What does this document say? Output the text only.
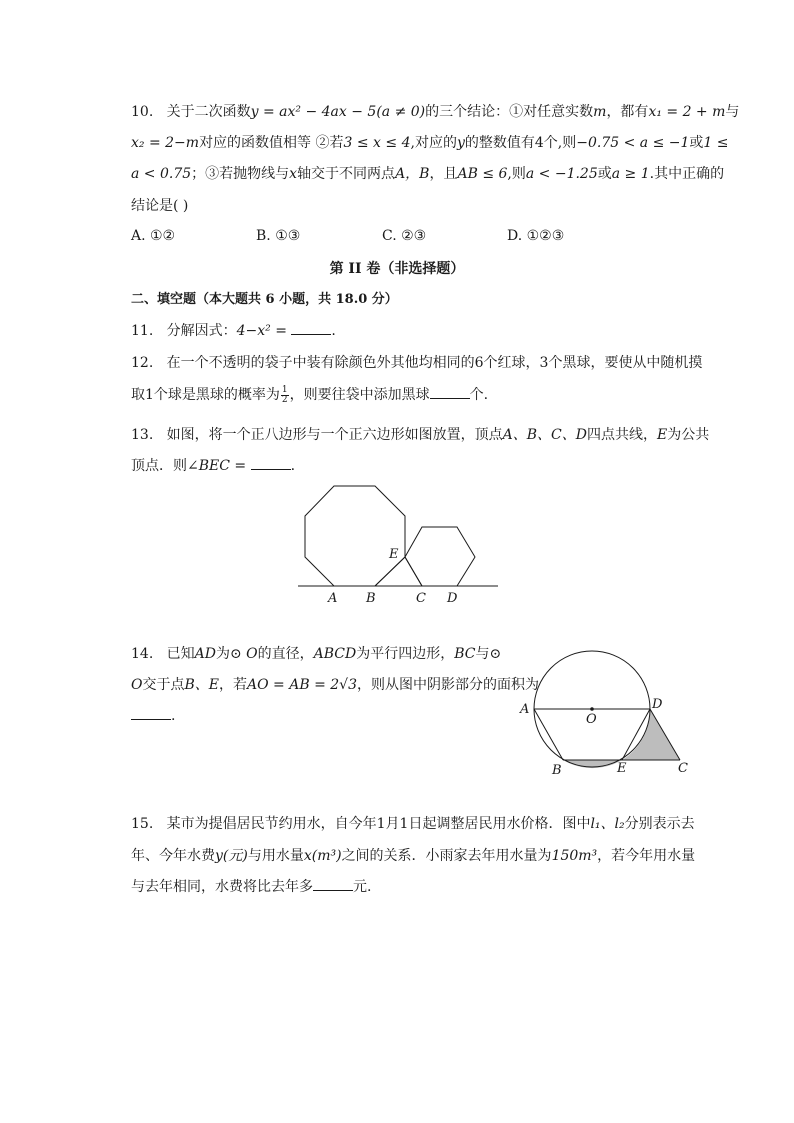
10. 关于二次函数y = ax² − 4ax − 5(a ≠ 0)的三个结论：①对任意实数m，都有x₁ = 2 + m与
x₂ = 2−m对应的函数值相等 ②若3 ≤ x ≤ 4,对应的y的整数值有4个,则−0.75 < a ≤ −1或1 ≤
a < 0.75；③若抛物线与x轴交于不同两点A，B，且AB ≤ 6,则a < −1.25或a ≥ 1.其中正确的
结论是( )
A. ①②	B. ①③	C. ②③	D. ①②③
第 II 卷（非选择题）
二、填空题（本大题共 6 小题，共 18.0 分）
11. 分解因式：4−x² =	.
12. 在一个不透明的袋子中装有除颜色外其他均相同的6个红球，3个黑球，要使从中随机摸
取1个球是黑球的概率为 $\frac{1}{2}$ ，则要往袋中添加黑球	个.
13. 如图，将一个正八边形与一个正六边形如图放置，顶点A、B、C、D四点共线，E为公共
顶点．则∠BEC =	.
A B	C D
E
14. 已知AD为⊙ O的直径，ABCD为平行四边形，BC与⊙
O交于点B、E，若AO = AB = 2√3，则从图中阴影部分的面积为
.	A
O
D
B	E	C
15. 某市为提倡居民节约用水，自今年1月1日起调整居民用水价格．图中l₁、l₂分别表示去
年、今年水费y(元)与用水量x(m³)之间的关系．小雨家去年用水量为150m³，若今年用水量
与去年相同，水费将比去年多	元.
